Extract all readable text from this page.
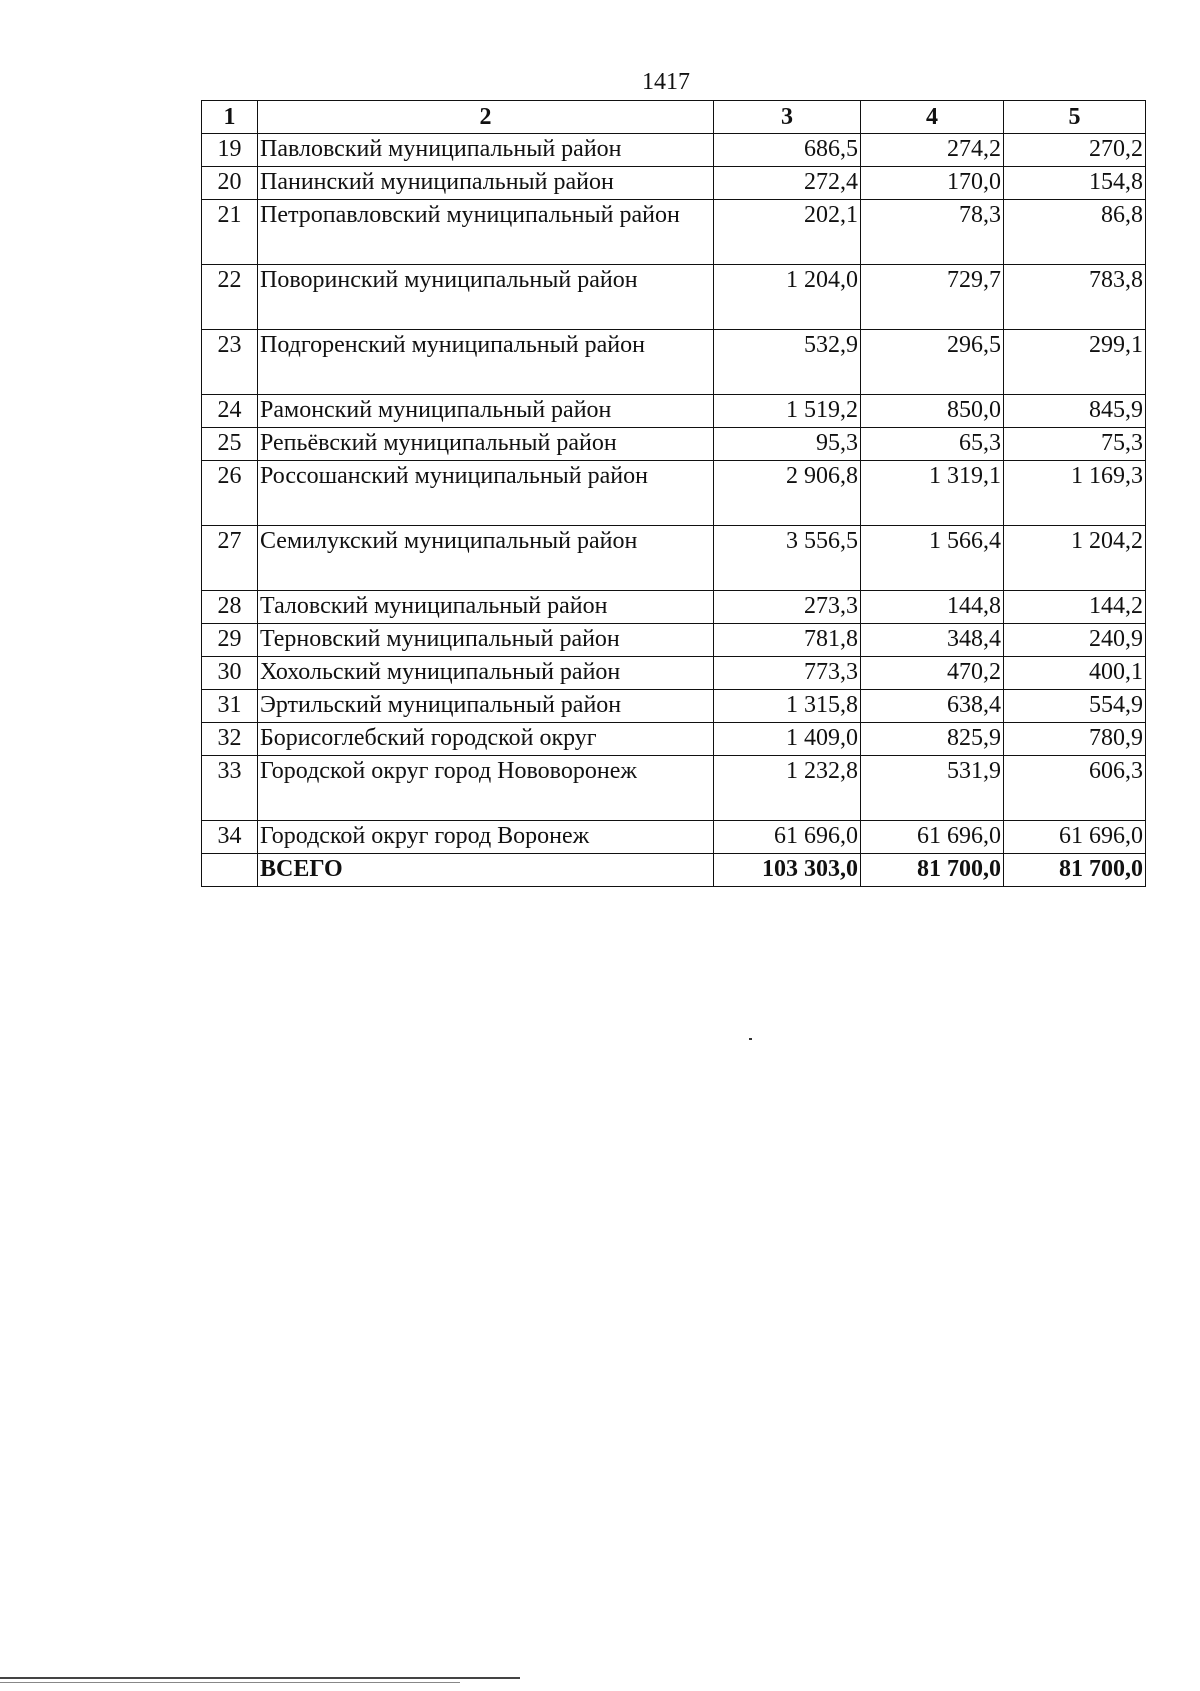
1417
1	2	3	4	5
19	Павловский муниципальный район	686,5	274,2	270,2
20	Панинский муниципальный район	272,4	170,0	154,8
21	Петропавловский муниципальный район	202,1	78,3	86,8
22	Поворинский муниципальный район	1 204,0	729,7	783,8
23	Подгоренский муниципальный район	532,9	296,5	299,1
24	Рамонский муниципальный район	1 519,2	850,0	845,9
25	Репьёвский муниципальный район	95,3	65,3	75,3
26	Россошанский муниципальный район	2 906,8	1 319,1	1 169,3
27	Семилукский муниципальный район	3 556,5	1 566,4	1 204,2
28	Таловский муниципальный район	273,3	144,8	144,2
29	Терновский муниципальный район	781,8	348,4	240,9
30	Хохольский муниципальный район	773,3	470,2	400,1
31	Эртильский муниципальный район	1 315,8	638,4	554,9
32	Борисоглебский городской округ	1 409,0	825,9	780,9
33	Городской округ город Нововоронеж	1 232,8	531,9	606,3
34	Городской округ город Воронеж	61 696,0	61 696,0	61 696,0
	ВСЕГО	103 303,0	81 700,0	81 700,0
